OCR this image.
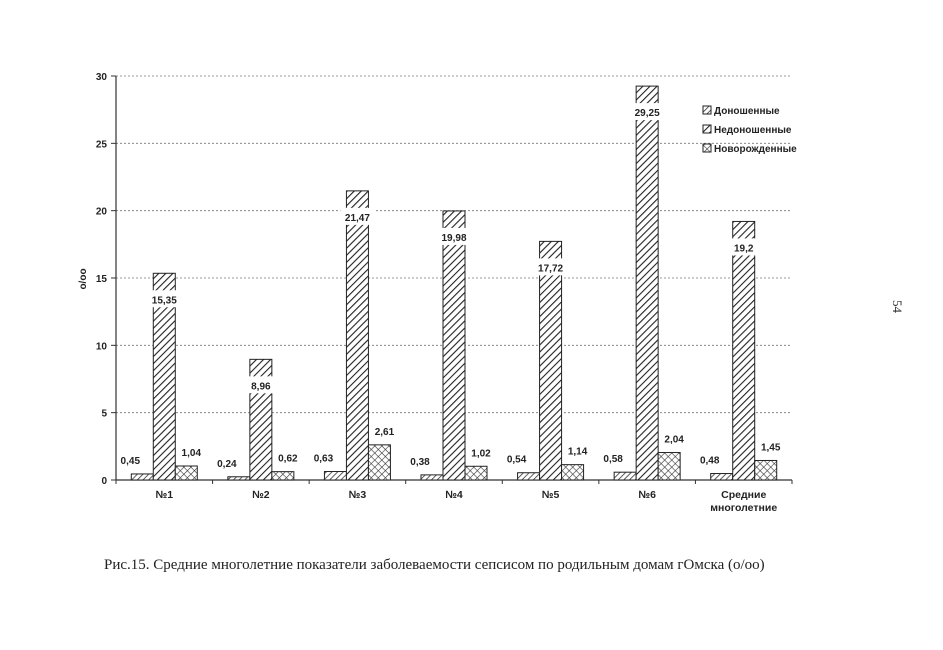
0
5
10
15
20
25
30
№1	№2	№3	№4	№5	№6	Средние многолетние
0,45	0,24	0,63	0,38	0,54	0,58	0,48
15,35
8,96
21,47
19,98
17,72
29,25
19,2
1,04
0,62
2,61
1,02	1,14
2,04
1,45
Доношенные
Недоношенные
Новорожденные
о/оо
Рис.15. Средние многолетние показатели заболеваемости сепсисом по родильным домам гОмска (о/оо)
54
